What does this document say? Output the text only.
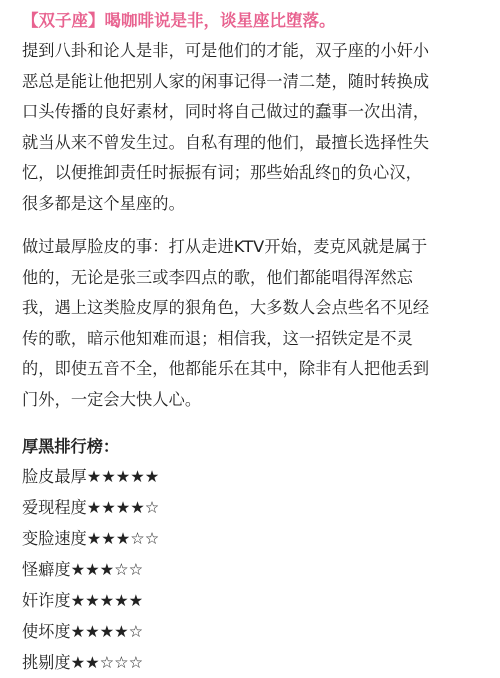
【双子座】喝咖啡说是非，谈星座比堕落。
提到八卦和论人是非，可是他们的才能，双子座的小奸小
恶总是能让他把别人家的闲事记得一清二楚，随时转换成
口头传播的良好素材，同时将自己做过的蠢事一次出清，
就当从来不曾发生过。自私有理的他们，最擅长选择性失
忆，以便推卸责任时振振有词；那些始乱终▯的负心汉，
很多都是这个星座的。
做过最厚脸皮的事：打从走进KTV开始，麦克风就是属于
他的，无论是张三或李四点的歌，他们都能唱得浑然忘
我，遇上这类脸皮厚的狠角色，大多数人会点些名不见经
传的歌，暗示他知难而退；相信我，这一招铁定是不灵
的，即使五音不全，他都能乐在其中，除非有人把他丢到
门外，一定会大快人心。
厚黑排行榜：
脸皮最厚★★★★★
爱现程度★★★★☆
变脸速度★★★☆☆
怪癖度★★★☆☆
奸诈度★★★★★
使坏度★★★★☆
挑剔度★★☆☆☆
